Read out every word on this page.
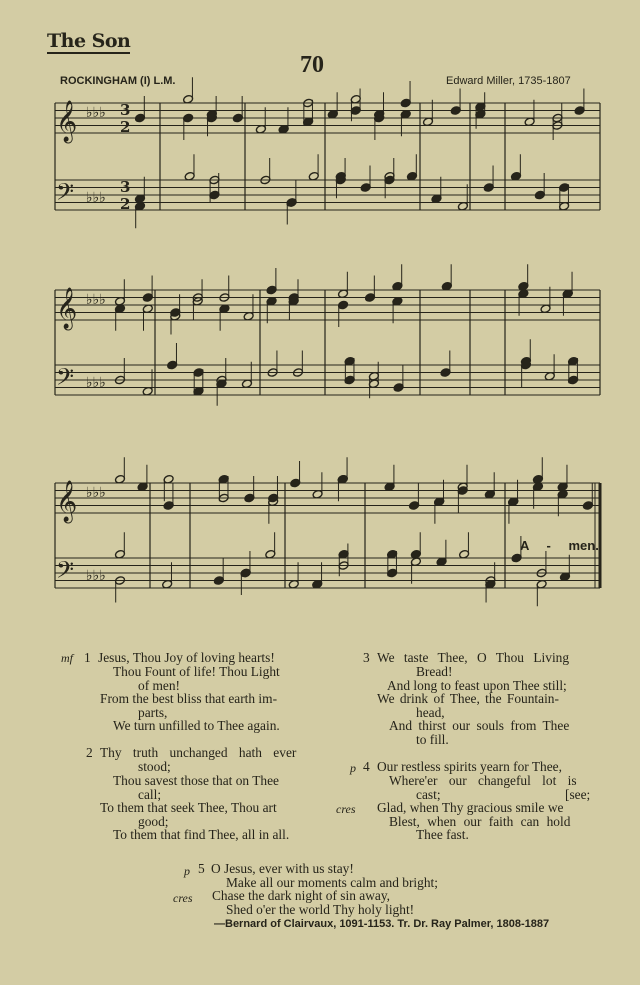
The Son
70
ROCKINGHAM (I) L.M.	Edward Miller, 1735-1807
𝄞 ♭♭♭ 3
2
𝄢 ♭♭♭
3
2
𝄞 ♭♭♭
𝄢 ♭♭♭
𝄞 ♭♭♭
𝄢 ♭♭♭
A - men.
mf 1 Jesus, Thou Joy of loving hearts!
Thou Fount of life! Thou Light
of men!
From the best bliss that earth im-
parts,
We turn unfilled to Thee again.
2 Thy truth unchanged hath ever
stood;
Thou savest those that on Thee
call;
To them that seek Thee, Thou art
good;
To them that find Thee, all in all.
3 We taste Thee, O Thou Living
Bread!
And long to feast upon Thee still;
We drink of Thee, the Fountain-
head,
And thirst our souls from Thee
to fill.
p 4 Our restless spirits yearn for Thee,
Where'er our changeful lot is
cast;	[see;
cres Glad, when Thy gracious smile we
Blest, when our faith can hold
Thee fast.
p 5 O Jesus, ever with us stay!
Make all our moments calm and bright;
cres Chase the dark night of sin away,
Shed o'er the world Thy holy light!
—Bernard of Clairvaux, 1091-1153. Tr. Dr. Ray Palmer, 1808-1887
